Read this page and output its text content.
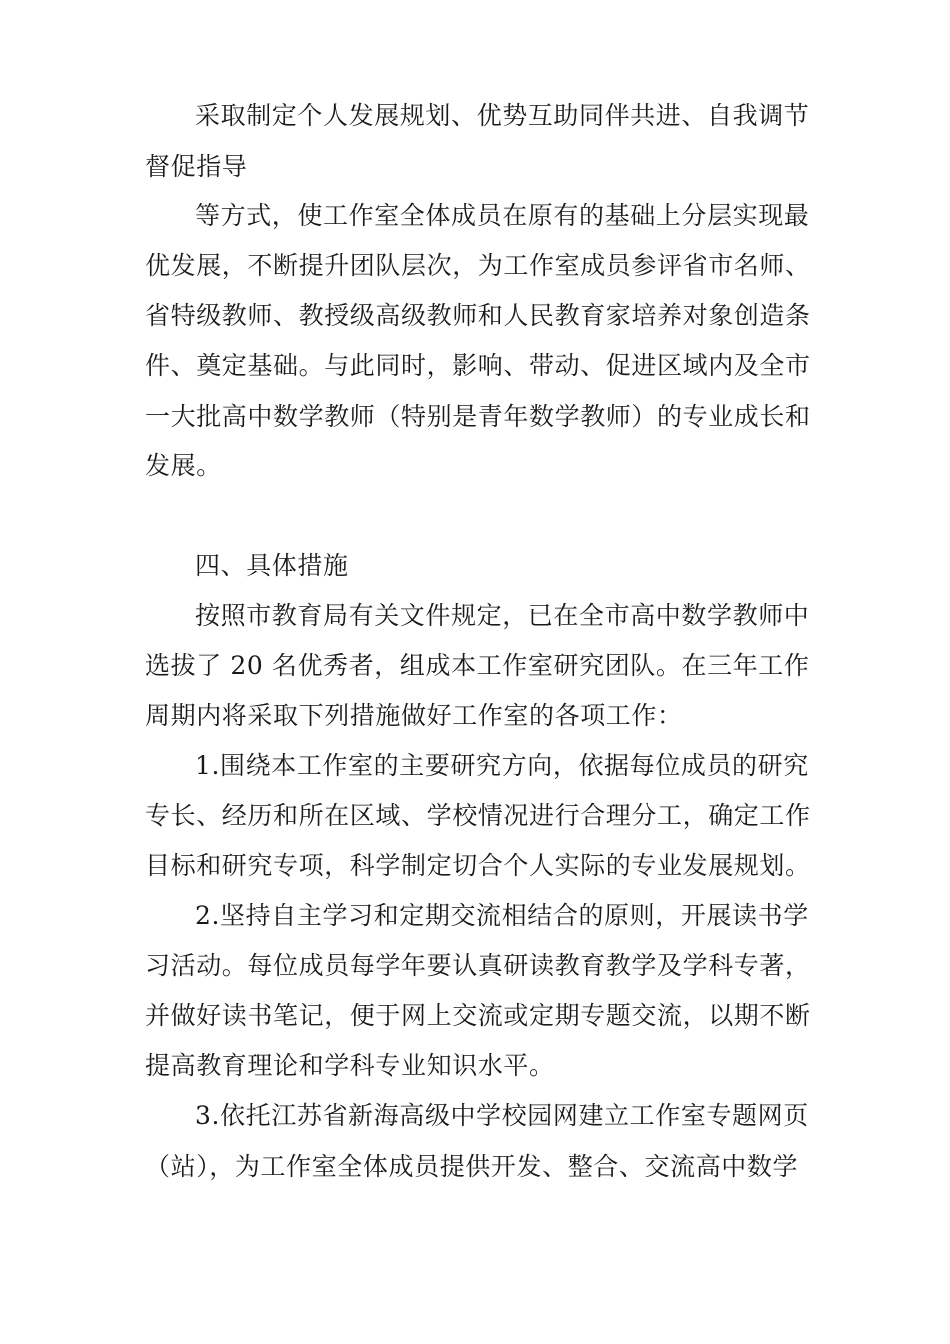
采取制定个人发展规划、优势互助同伴共进、自我调节
督促指导
等方式，使工作室全体成员在原有的基础上分层实现最
优发展，不断提升团队层次，为工作室成员参评省市名师、
省特级教师、教授级高级教师和人民教育家培养对象创造条
件、奠定基础。与此同时，影响、带动、促进区域内及全市
一大批高中数学教师（特别是青年数学教师）的专业成长和
发展。
四、具体措施
按照市教育局有关文件规定，已在全市高中数学教师中
选拔了 20 名优秀者，组成本工作室研究团队。在三年工作
周期内将采取下列措施做好工作室的各项工作：
1.围绕本工作室的主要研究方向，依据每位成员的研究
专长、经历和所在区域、学校情况进行合理分工，确定工作
目标和研究专项，科学制定切合个人实际的专业发展规划。
2.坚持自主学习和定期交流相结合的原则，开展读书学
习活动。每位成员每学年要认真研读教育教学及学科专著，
并做好读书笔记，便于网上交流或定期专题交流，以期不断
提高教育理论和学科专业知识水平。
3.依托江苏省新海高级中学校园网建立工作室专题网页
（站），为工作室全体成员提供开发、整合、交流高中数学
